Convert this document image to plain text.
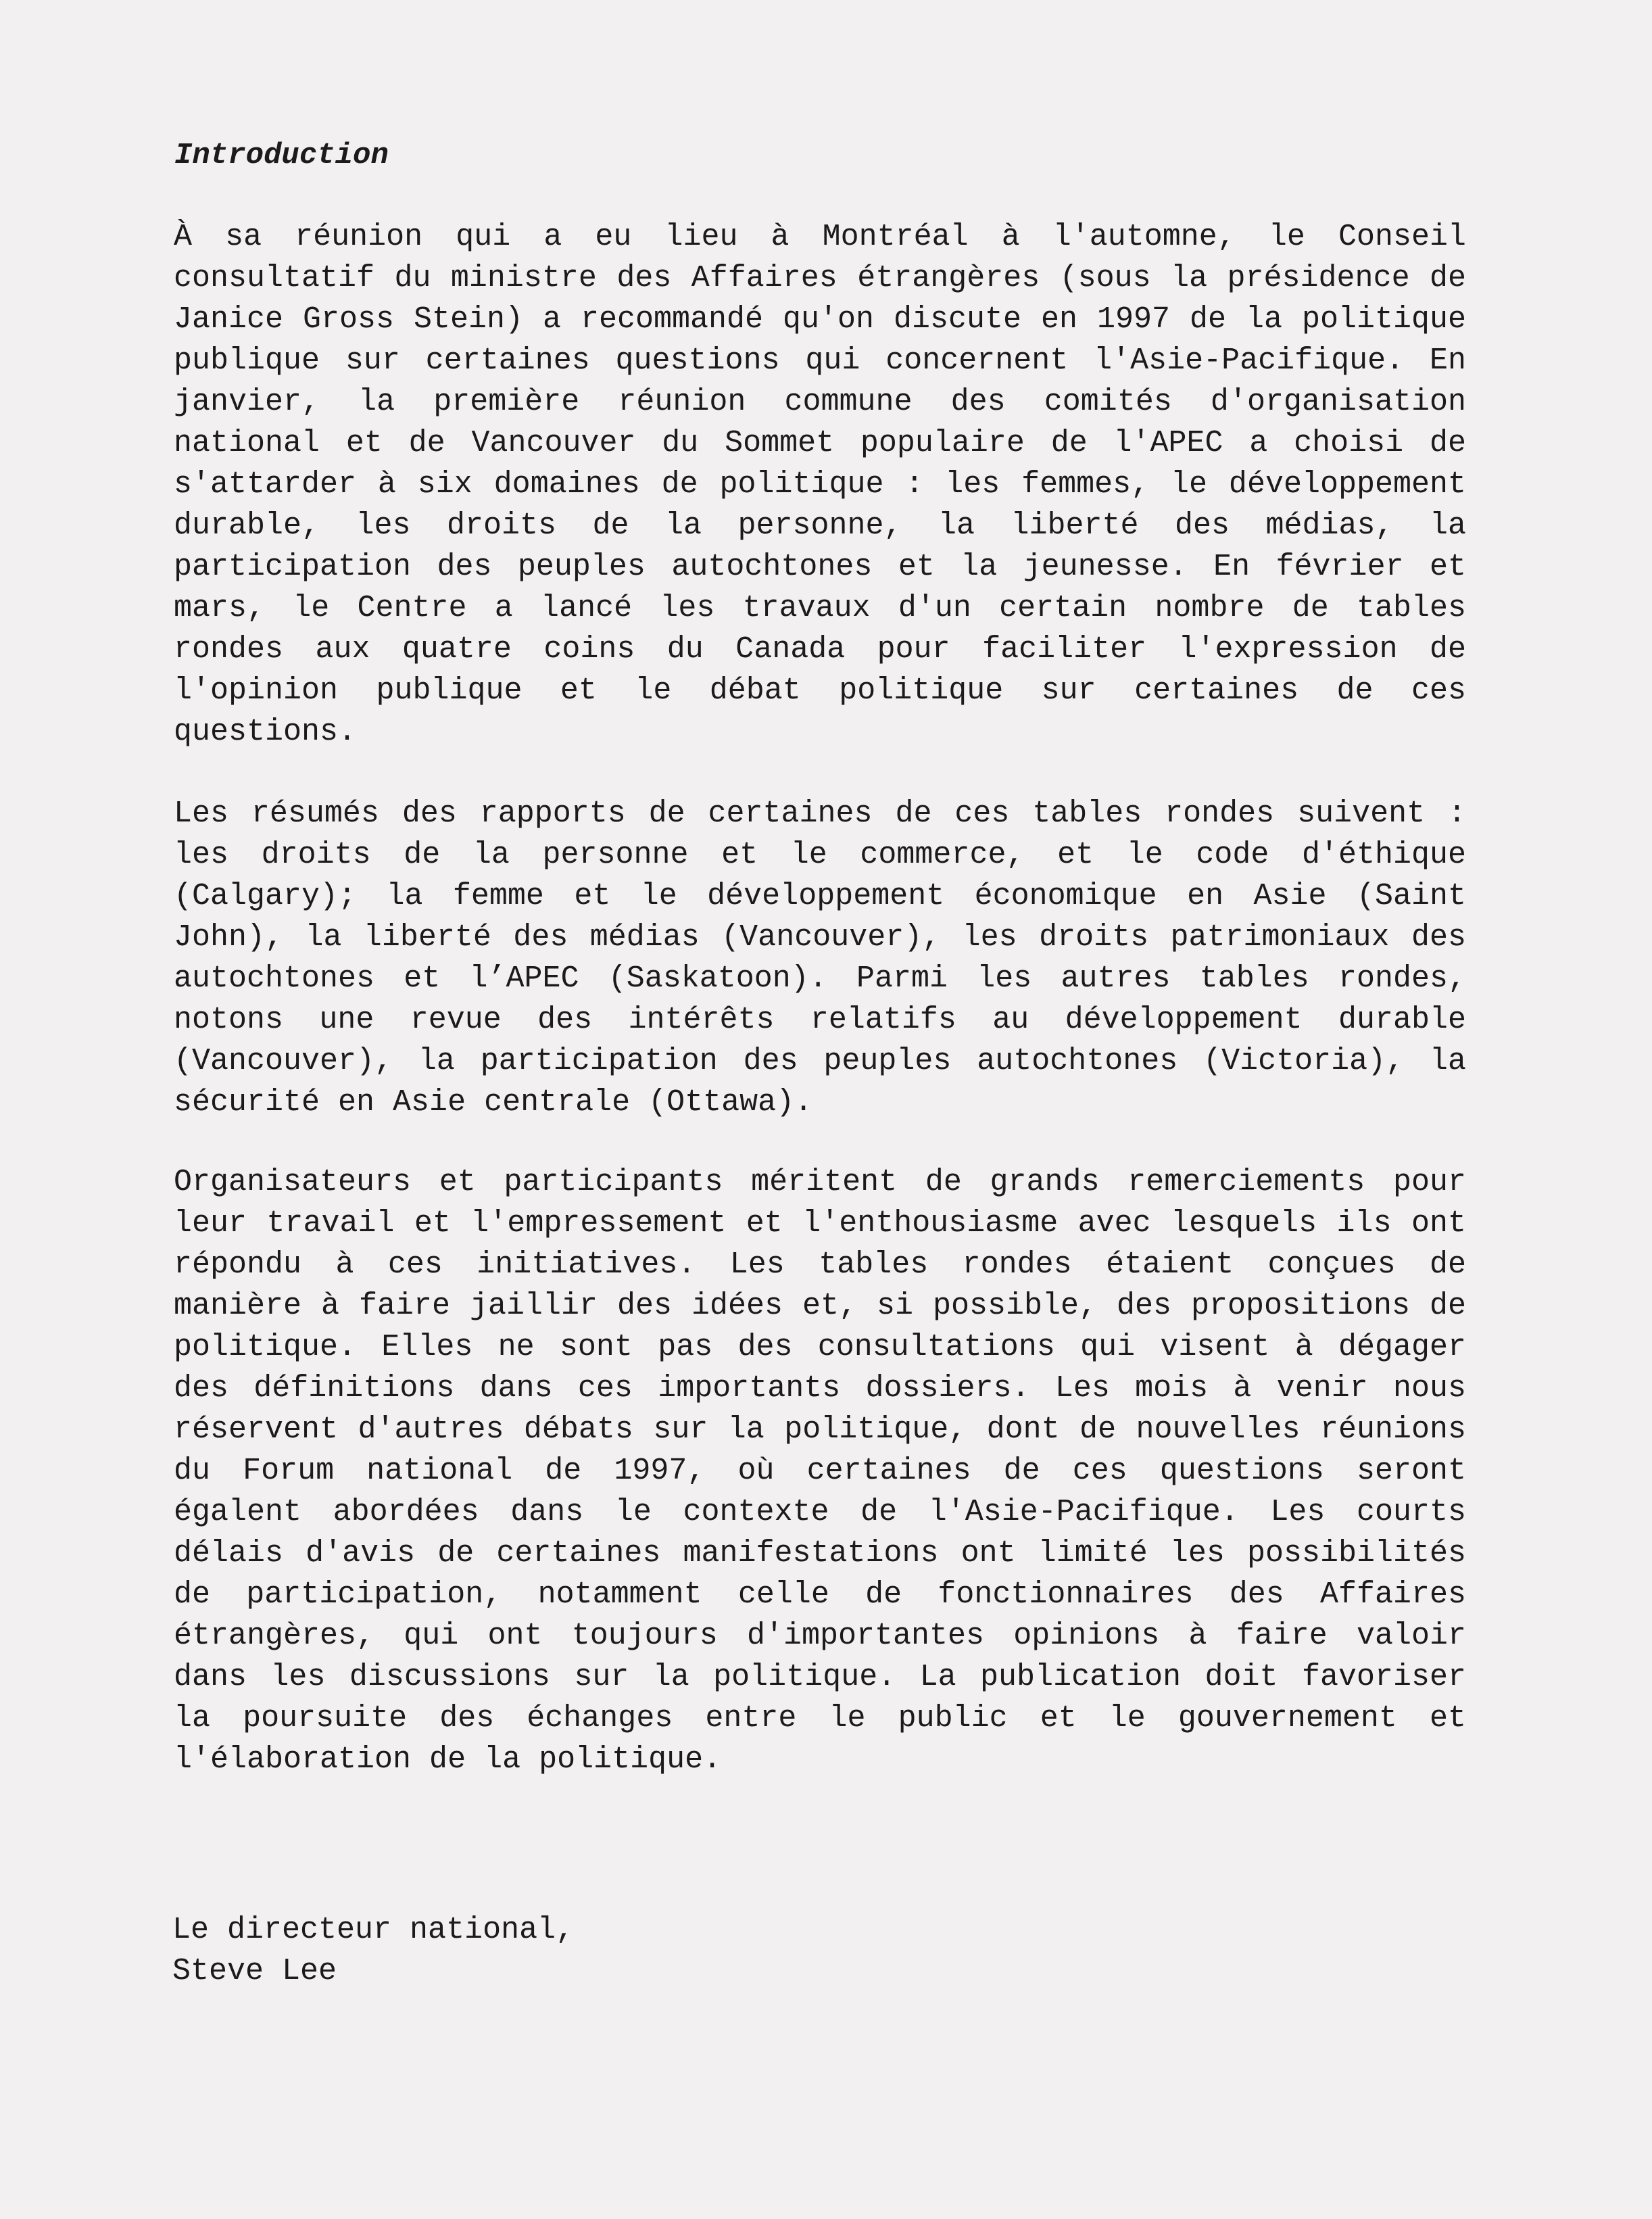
Introduction

À sa réunion qui a eu lieu à Montréal à l'automne, le Conseil consultatif du ministre des Affaires étrangères (sous la présidence de Janice Gross Stein) a recommandé qu'on discute en 1997 de la politique publique sur certaines questions qui concernent l'Asie-Pacifique. En janvier, la première réunion commune des comités d'organisation national et de Vancouver du Sommet populaire de l'APEC a choisi de s'attarder à six domaines de politique : les femmes, le développement durable, les droits de la personne, la liberté des médias, la participation des peuples autochtones et la jeunesse. En février et mars, le Centre a lancé les travaux d'un certain nombre de tables rondes aux quatre coins du Canada pour faciliter l'expression de l'opinion publique et le débat politique sur certaines de ces questions.

Les résumés des rapports de certaines de ces tables rondes suivent : les droits de la personne et le commerce, et le code d'éthique (Calgary); la femme et le développement économique en Asie (Saint John), la liberté des médias (Vancouver), les droits patrimoniaux des autochtones et l’APEC (Saskatoon). Parmi les autres tables rondes, notons une revue des intérêts relatifs au développement durable (Vancouver), la participation des peuples autochtones (Victoria), la sécurité en Asie centrale (Ottawa).

Organisateurs et participants méritent de grands remerciements pour leur travail et l'empressement et l'enthousiasme avec lesquels ils ont répondu à ces initiatives. Les tables rondes étaient conçues de manière à faire jaillir des idées et, si possible, des propositions de politique. Elles ne sont pas des consultations qui visent à dégager des définitions dans ces importants dossiers. Les mois à venir nous réservent d'autres débats sur la politique, dont de nouvelles réunions du Forum national de 1997, où certaines de ces questions seront égalent abordées dans le contexte de l'Asie-Pacifique. Les courts délais d'avis de certaines manifestations ont limité les possibilités de participation, notamment celle de fonctionnaires des Affaires étrangères, qui ont toujours d'importantes opinions à faire valoir dans les discussions sur la politique. La publication doit favoriser la poursuite des échanges entre le public et le gouvernement et l'élaboration de la politique.

Le directeur national,

Steve Lee
